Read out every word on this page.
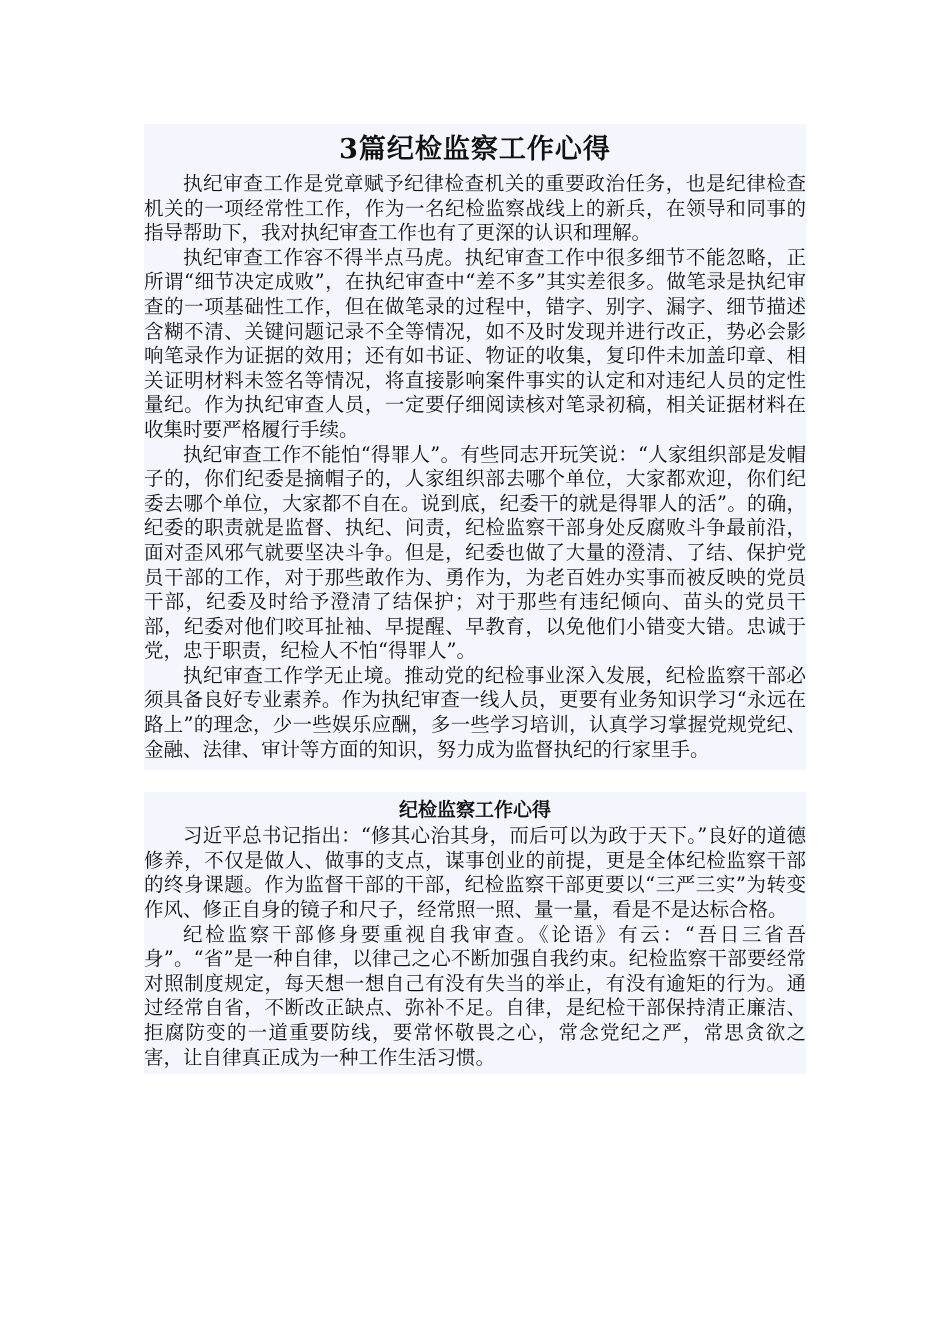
3篇纪检监察工作心得

执纪审查工作是党章赋予纪律检查机关的重要政治任务，也是纪律检查机关的一项经常性工作，作为一名纪检监察战线上的新兵，在领导和同事的指导帮助下，我对执纪审查工作也有了更深的认识和理解。

执纪审查工作容不得半点马虎。执纪审查工作中很多细节不能忽略，正所谓“细节决定成败”，在执纪审查中“差不多”其实差很多。做笔录是执纪审查的一项基础性工作，但在做笔录的过程中，错字、别字、漏字、细节描述含糊不清、关键问题记录不全等情况，如不及时发现并进行改正，势必会影响笔录作为证据的效用；还有如书证、物证的收集，复印件未加盖印章、相关证明材料未签名等情况，将直接影响案件事实的认定和对违纪人员的定性量纪。作为执纪审查人员，一定要仔细阅读核对笔录初稿，相关证据材料在收集时要严格履行手续。

执纪审查工作不能怕“得罪人”。有些同志开玩笑说：“人家组织部是发帽子的，你们纪委是摘帽子的，人家组织部去哪个单位，大家都欢迎，你们纪委去哪个单位，大家都不自在。说到底，纪委干的就是得罪人的活”。的确，纪委的职责就是监督、执纪、问责，纪检监察干部身处反腐败斗争最前沿，面对歪风邪气就要坚决斗争。但是，纪委也做了大量的澄清、了结、保护党员干部的工作，对于那些敢作为、勇作为，为老百姓办实事而被反映的党员干部，纪委及时给予澄清了结保护；对于那些有违纪倾向、苗头的党员干部，纪委对他们咬耳扯袖、早提醒、早教育，以免他们小错变大错。忠诚于党，忠于职责，纪检人不怕“得罪人”。

执纪审查工作学无止境。推动党的纪检事业深入发展，纪检监察干部必须具备良好专业素养。作为执纪审查一线人员，更要有业务知识学习“永远在路上”的理念，少一些娱乐应酬，多一些学习培训，认真学习掌握党规党纪、金融、法律、审计等方面的知识，努力成为监督执纪的行家里手。

纪检监察工作心得

习近平总书记指出：“修其心治其身，而后可以为政于天下。”良好的道德修养，不仅是做人、做事的支点，谋事创业的前提，更是全体纪检监察干部的终身课题。作为监督干部的干部，纪检监察干部更要以“三严三实”为转变作风、修正自身的镜子和尺子，经常照一照、量一量，看是不是达标合格。

纪检监察干部修身要重视自我审查。《论语》有云：“吾日三省吾身”。“省”是一种自律，以律己之心不断加强自我约束。纪检监察干部要经常对照制度规定，每天想一想自己有没有失当的举止，有没有逾矩的行为。通过经常自省，不断改正缺点、弥补不足。自律，是纪检干部保持清正廉洁、拒腐防变的一道重要防线，要常怀敬畏之心，常念党纪之严，常思贪欲之害，让自律真正成为一种工作生活习惯。
